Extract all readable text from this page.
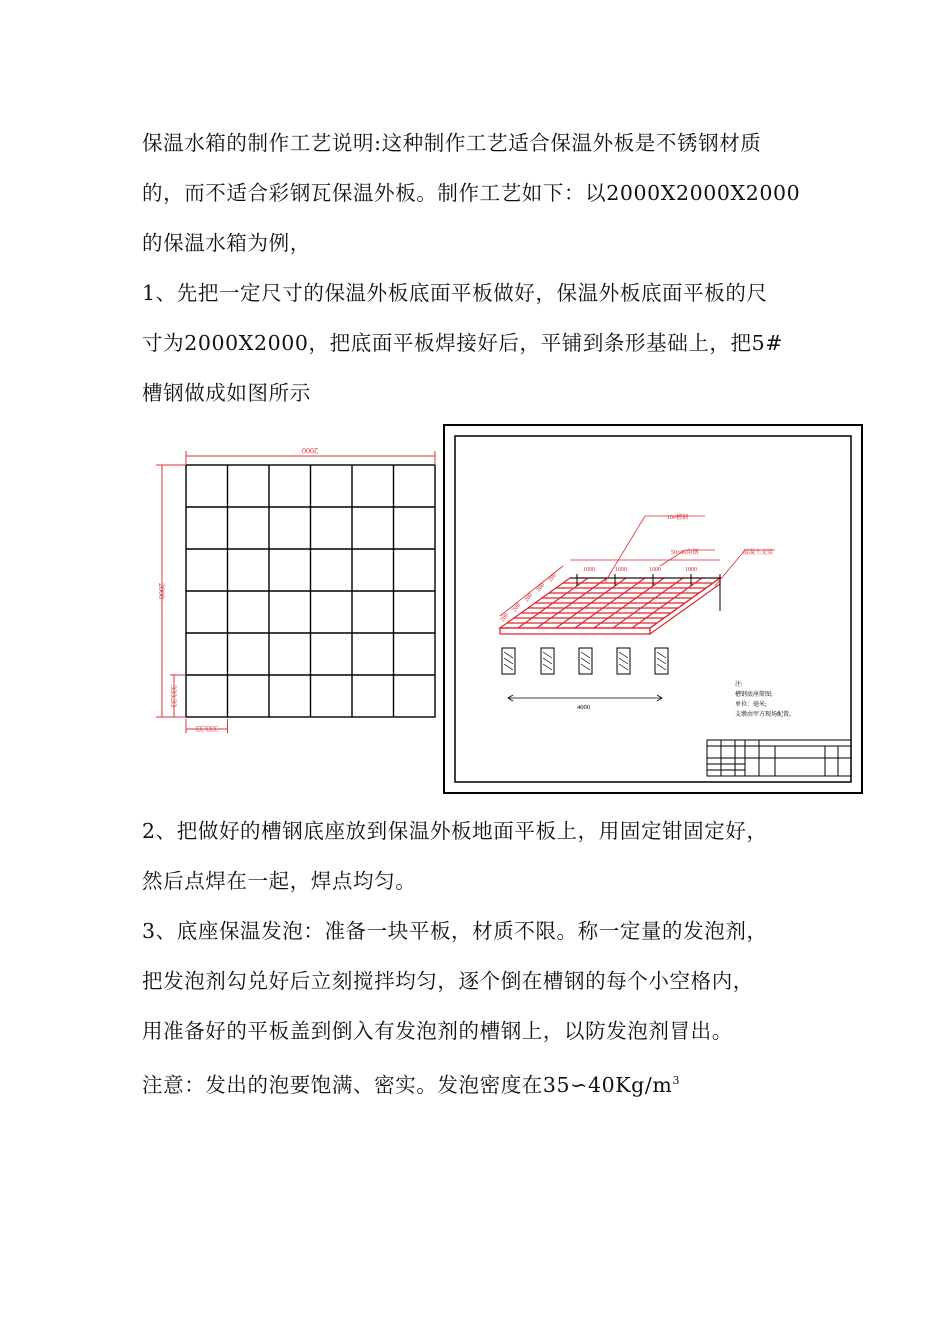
保温水箱的制作工艺说明:这种制作工艺适合保温外板是不锈钢材质
的，而不适合彩钢瓦保温外板。制作工艺如下：以2000X2000X2000
的保温水箱为例，
1、先把一定尺寸的保温外板底面平板做好，保温外板底面平板的尺
寸为2000X2000，把底面平板焊接好后，平铺到条形基础上，把5#
槽钢做成如图所示
2000
2000
333.33
333.33
10#槽钢
50×50角钢	混凝土支梁
1000	1000	1000	1000
200
200
200
200
200
4000
注:
槽钢底座简图;
单位：毫米;
支墩由甲方现场配置。
2、把做好的槽钢底座放到保温外板地面平板上，用固定钳固定好，
然后点焊在一起，焊点均匀。
3、底座保温发泡：准备一块平板，材质不限。称一定量的发泡剂，
把发泡剂勾兑好后立刻搅拌均匀，逐个倒在槽钢的每个小空格内，
用准备好的平板盖到倒入有发泡剂的槽钢上，以防发泡剂冒出。
注意：发出的泡要饱满、密实。发泡密度在$35∽40Kg/m^3$
